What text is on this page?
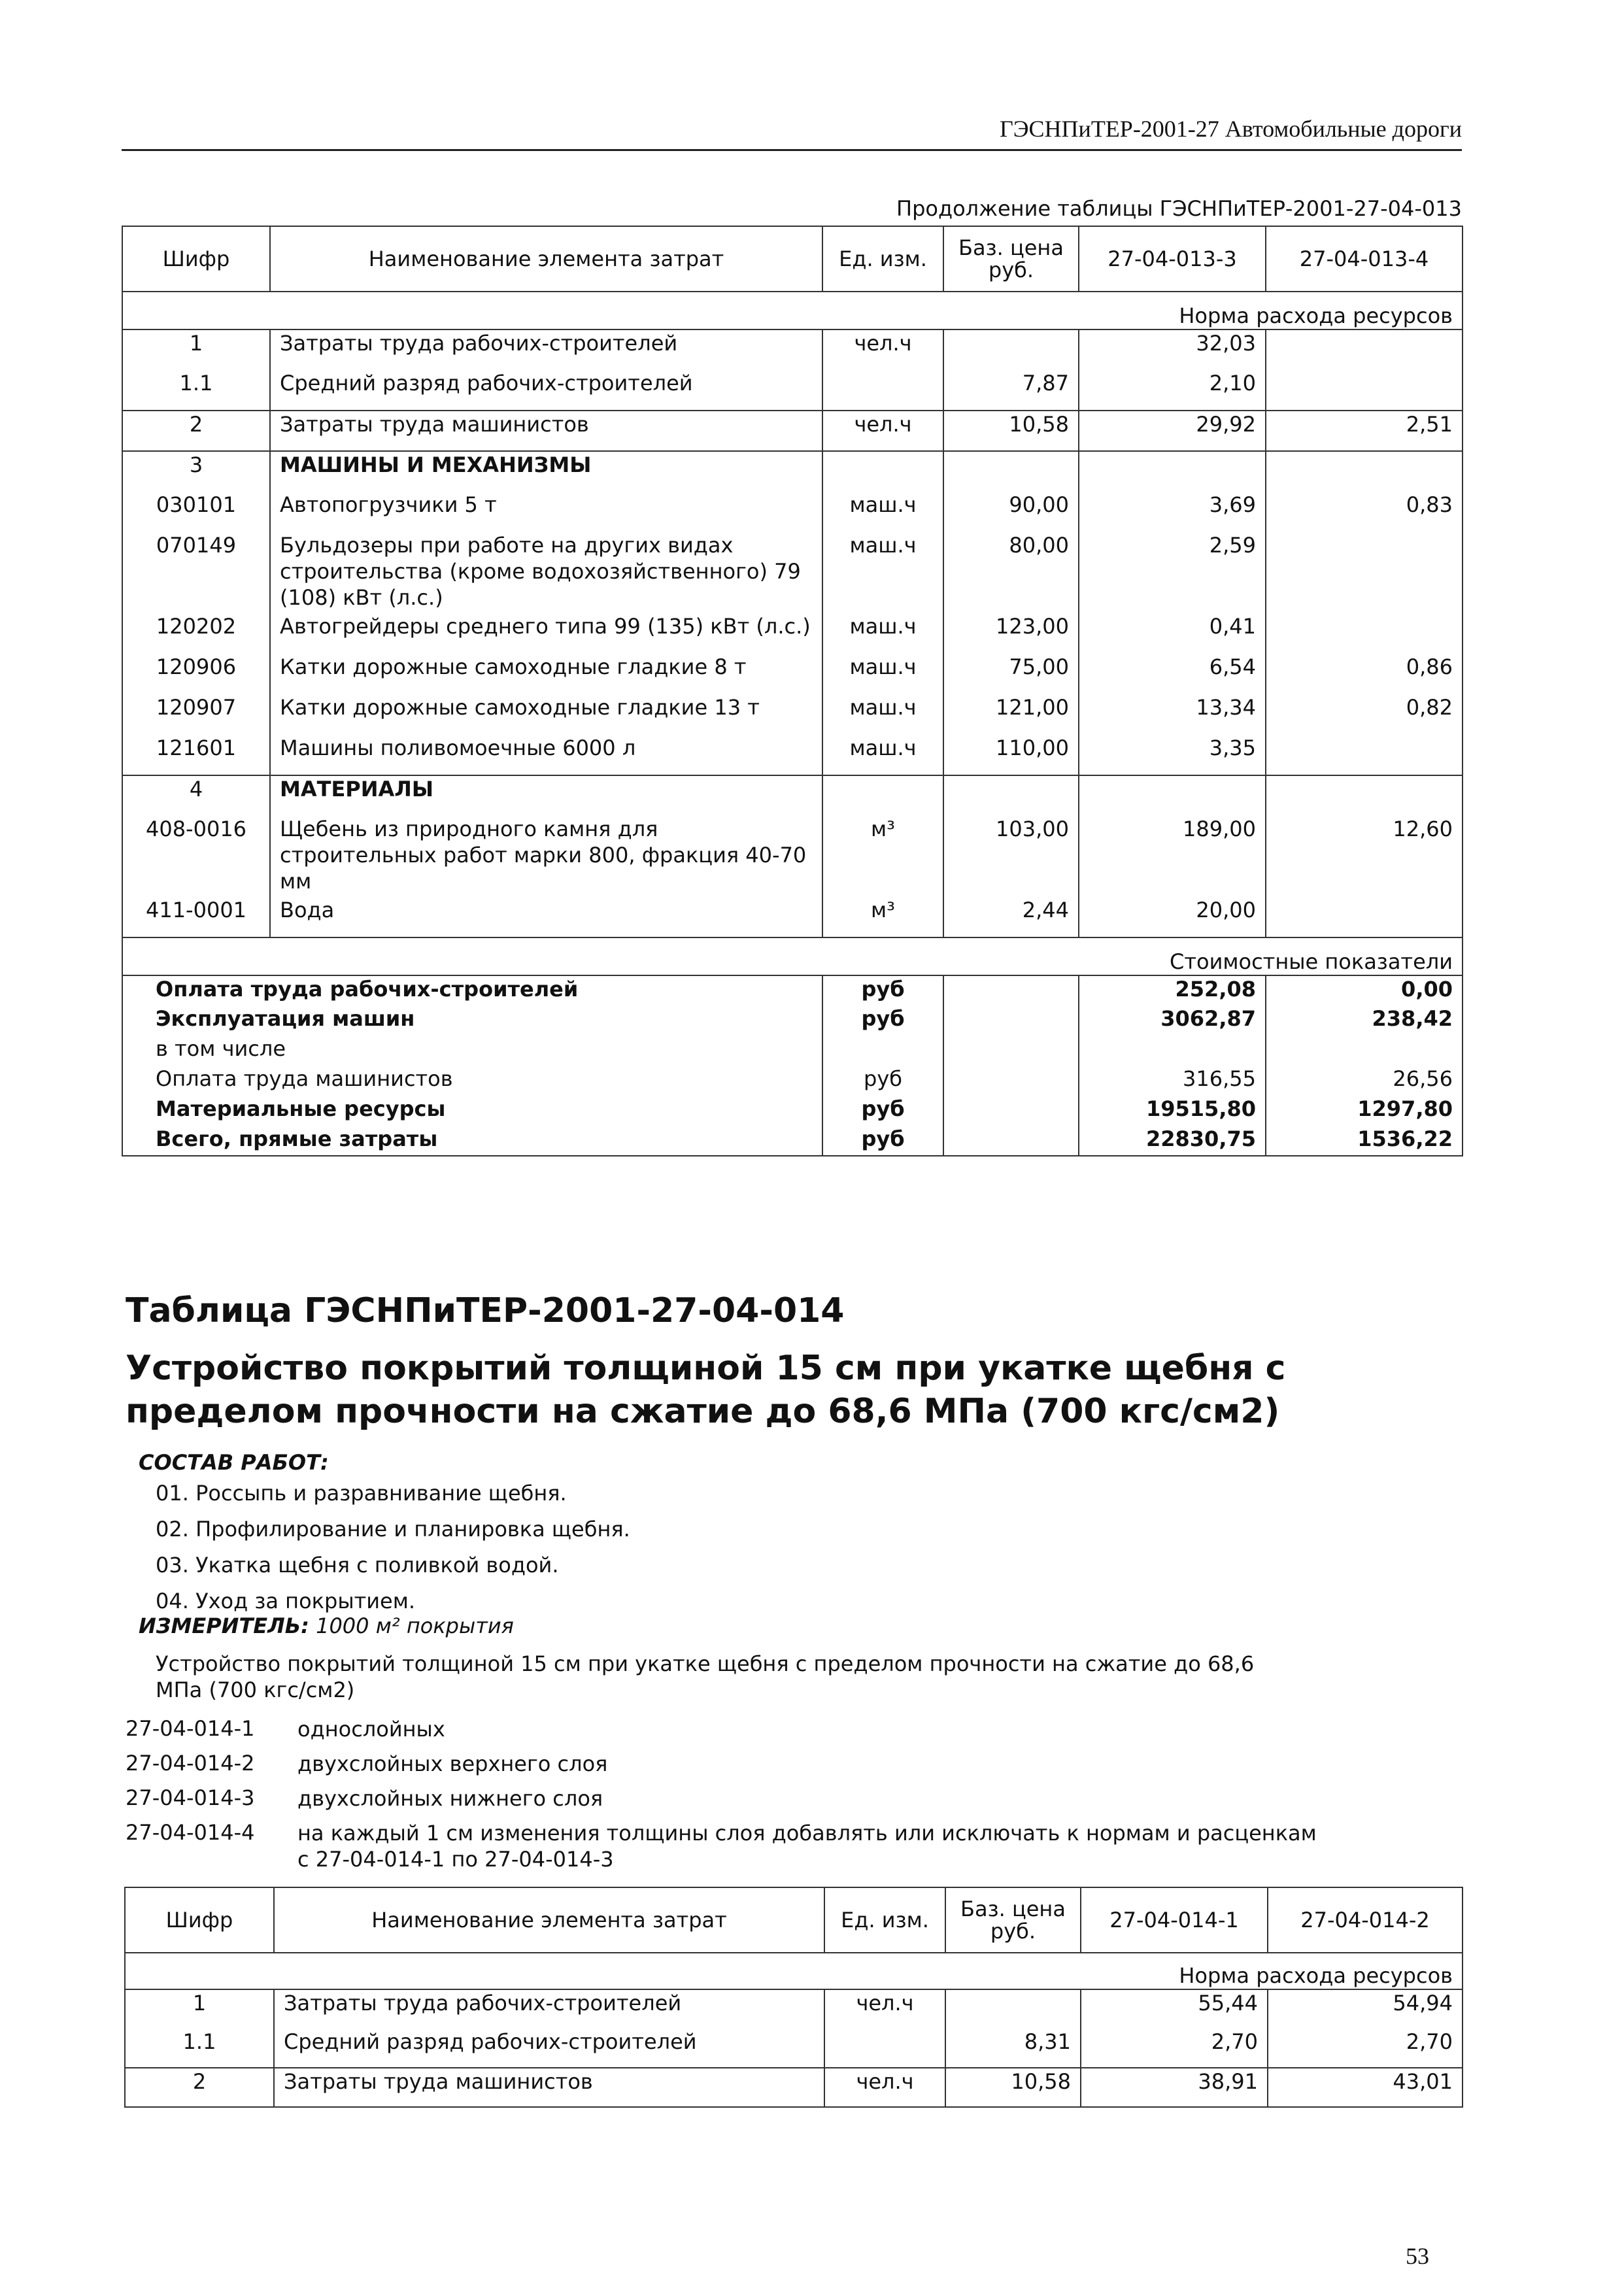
ГЭСНПиТЕР-2001-27 Автомобильные дороги
Продолжение таблицы ГЭСНПиТЕР-2001-27-04-013
Шифр	Наименование элемента затрат	Ед. изм.	Баз. цена руб.	27-04-013-3	27-04-013-4
Норма расхода ресурсов					
1	Затраты труда рабочих-строителей	чел.ч		32,03	
1.1	Средний разряд рабочих-строителей		7,87	2,10	
2	Затраты труда машинистов	чел.ч	10,58	29,92	2,51
3	МАШИНЫ И МЕХАНИЗМЫ				
030101	Автопогрузчики 5 т	маш.ч	90,00	3,69	0,83
070149	Бульдозеры при работе на других видах строительства (кроме водохозяйственного) 79 (108) кВт (л.с.)	маш.ч	80,00	2,59	
120202	Автогрейдеры среднего типа 99 (135) кВт (л.с.)	маш.ч	123,00	0,41	
120906	Катки дорожные самоходные гладкие 8 т	маш.ч	75,00	6,54	0,86
120907	Катки дорожные самоходные гладкие 13 т	маш.ч	121,00	13,34	0,82
121601	Машины поливомоечные 6000 л	маш.ч	110,00	3,35	
4	МАТЕРИАЛЫ				
408-0016	Щебень из природного камня для строительных работ марки 800, фракция 40-70 мм	м³	103,00	189,00	12,60
411-0001	Вода	м³	2,44	20,00	
Стоимостные показатели					
Оплата труда рабочих-строителей		руб		252,08	0,00
Эксплуатация машин		руб		3062,87	238,42
в том числе					
Оплата труда машинистов		руб		316,55	26,56
Материальные ресурсы		руб		19515,80	1297,80
Всего, прямые затраты		руб		22830,75	1536,22
Таблица ГЭСНПиТЕР-2001-27-04-014
Устройство покрытий толщиной 15 см при укатке щебня с пределом прочности на сжатие до 68,6 МПа (700 кгс/см2)
СОСТАВ РАБОТ:
01. Россыпь и разравнивание щебня.
02. Профилирование и планировка щебня.
03. Укатка щебня с поливкой водой.
04. Уход за покрытием.
ИЗМЕРИТЕЛЬ: 1000 м² покрытия
Устройство покрытий толщиной 15 см при укатке щебня с пределом прочности на сжатие до 68,6 МПа (700 кгс/см2)
27-04-014-1 однослойных
27-04-014-2 двухслойных верхнего слоя
27-04-014-3 двухслойных нижнего слоя
27-04-014-4 на каждый 1 см изменения толщины слоя добавлять или исключать к нормам и расценкам с 27-04-014-1 по 27-04-014-3
Шифр	Наименование элемента затрат	Ед. изм.	Баз. цена руб.	27-04-014-1	27-04-014-2
Норма расхода ресурсов					
1	Затраты труда рабочих-строителей	чел.ч		55,44	54,94
1.1	Средний разряд рабочих-строителей		8,31	2,70	2,70
2	Затраты труда машинистов	чел.ч	10,58	38,91	43,01
53
